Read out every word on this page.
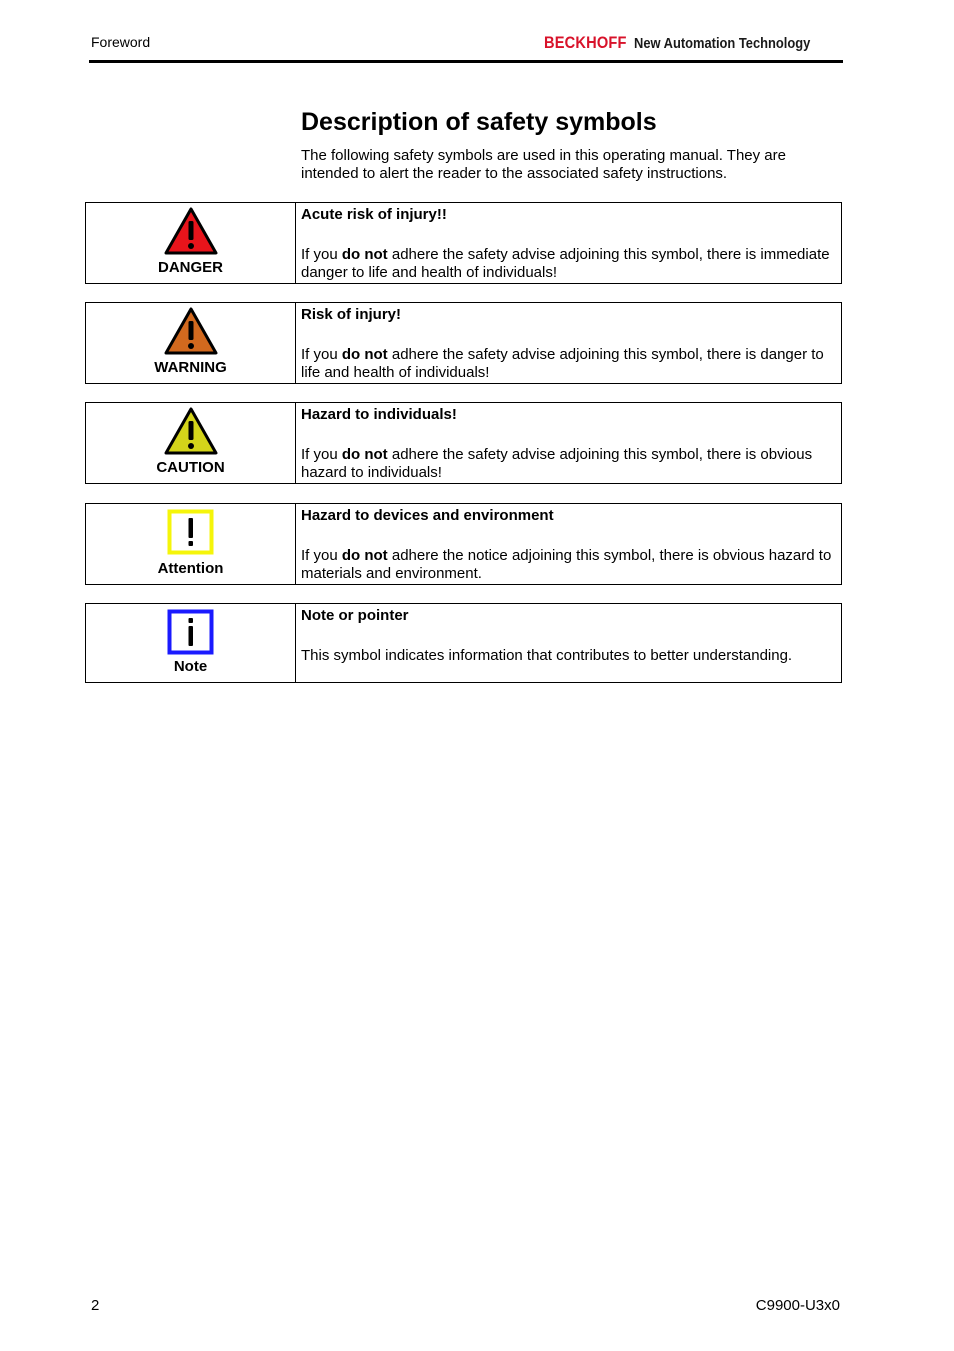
Foreword	BECKHOFF New Automation Technology
Description of safety symbols

The following safety symbols are used in this operating manual. They are intended to alert the reader to the associated safety instructions.

DANGER

Acute risk of injury!!

If you do not adhere the safety advise adjoining this symbol, there is immediate danger to life and health of individuals!

WARNING

Risk of injury!

If you do not adhere the safety advise adjoining this symbol, there is danger to life and health of individuals!

CAUTION

Hazard to individuals!

If you do not adhere the safety advise adjoining this symbol, there is obvious hazard to individuals!

Attention

Hazard to devices and environment

If you do not adhere the notice adjoining this symbol, there is obvious hazard to materials and environment.

Note

Note or pointer

This symbol indicates information that contributes to better understanding.

2	C9900-U3x0
